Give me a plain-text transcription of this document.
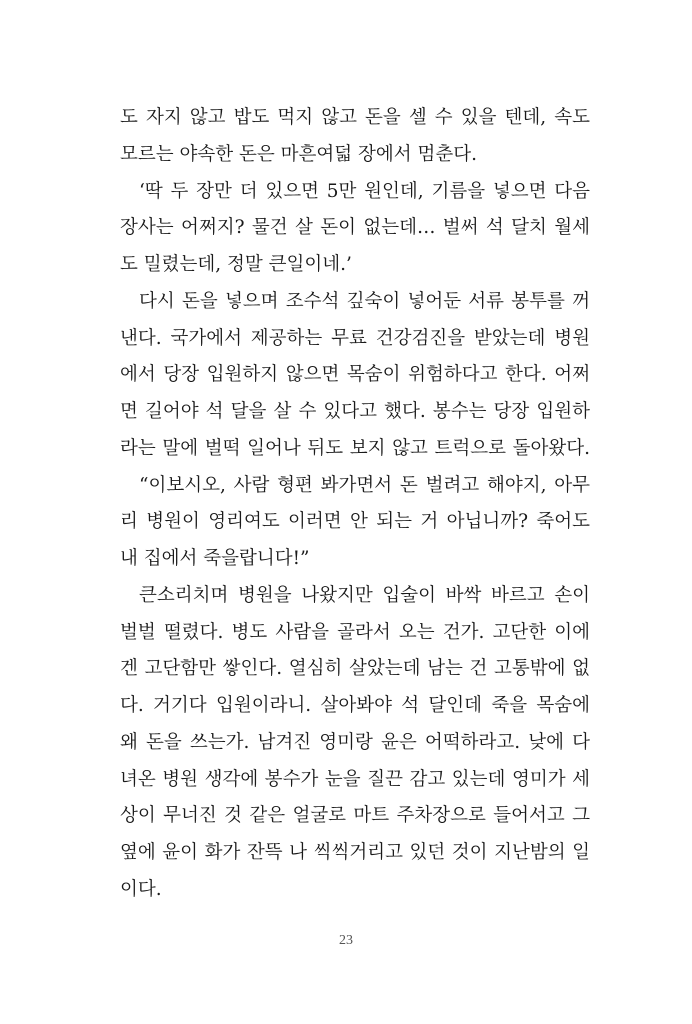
도 자지 않고 밥도 먹지 않고 돈을 셀 수 있을 텐데, 속도
모르는 야속한 돈은 마흔여덟 장에서 멈춘다.
‘딱 두 장만 더 있으면 5만 원인데, 기름을 넣으면 다음
장사는 어쩌지? 물건 살 돈이 없는데… 벌써 석 달치 월세
도 밀렸는데, 정말 큰일이네.’
다시 돈을 넣으며 조수석 깊숙이 넣어둔 서류 봉투를 꺼
낸다. 국가에서 제공하는 무료 건강검진을 받았는데 병원
에서 당장 입원하지 않으면 목숨이 위험하다고 한다. 어쩌
면 길어야 석 달을 살 수 있다고 했다. 봉수는 당장 입원하
라는 말에 벌떡 일어나 뒤도 보지 않고 트럭으로 돌아왔다.
“이보시오, 사람 형편 봐가면서 돈 벌려고 해야지, 아무
리 병원이 영리여도 이러면 안 되는 거 아닙니까? 죽어도
내 집에서 죽을랍니다!”
큰소리치며 병원을 나왔지만 입술이 바싹 바르고 손이
벌벌 떨렸다. 병도 사람을 골라서 오는 건가. 고단한 이에
겐 고단함만 쌓인다. 열심히 살았는데 남는 건 고통밖에 없
다. 거기다 입원이라니. 살아봐야 석 달인데 죽을 목숨에
왜 돈을 쓰는가. 남겨진 영미랑 윤은 어떡하라고. 낮에 다
녀온 병원 생각에 봉수가 눈을 질끈 감고 있는데 영미가 세
상이 무너진 것 같은 얼굴로 마트 주차장으로 들어서고 그
옆에 윤이 화가 잔뜩 나 씩씩거리고 있던 것이 지난밤의 일
이다.
23
